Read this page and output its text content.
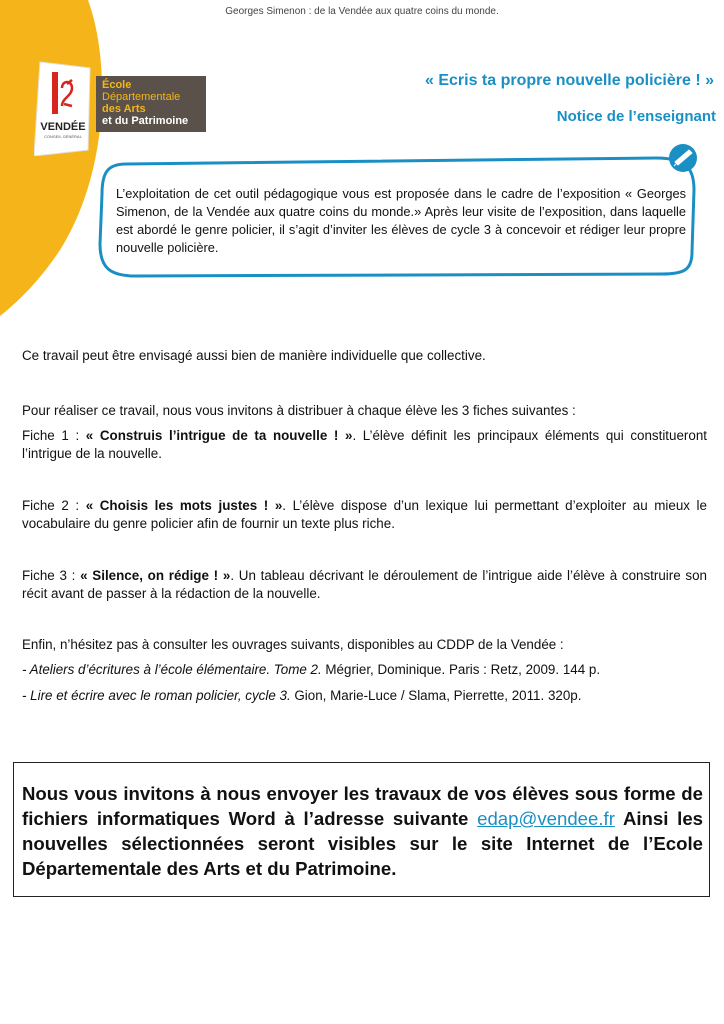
Georges Simenon : de la Vendée aux quatre coins du monde.
VENDÉE
CONSEIL GÉNÉRAL
École
Départementale
des Arts
et du Patrimoine
« Ecris ta propre nouvelle policière ! »
Notice de l’enseignant

L’exploitation de cet outil pédagogique vous est proposée dans le cadre de l’exposition « Georges Simenon, de la Vendée aux quatre coins du monde.» Après leur visite de l’exposition, dans laquelle est abordé le genre policier, il s’agit d’inviter les élèves de cycle 3 à concevoir et rédiger leur propre nouvelle policière.

Ce travail peut être envisagé aussi bien de manière individuelle que collective.

Pour réaliser ce travail, nous vous invitons à distribuer à chaque élève les 3 fiches suivantes :

Fiche 1 : « Construis l’intrigue de ta nouvelle ! ». L’élève définit les principaux éléments qui constitueront l’intrigue de la nouvelle.

Fiche 2 : « Choisis les mots justes ! ». L’élève dispose d’un lexique lui permettant d’exploiter au mieux le vocabulaire du genre policier afin de fournir un texte plus riche.

Fiche 3 : « Silence, on rédige ! ». Un tableau décrivant le déroulement de l’intrigue aide l’élève à construire son récit avant de passer à la rédaction de la nouvelle.

Enfin, n’hésitez pas à consulter les ouvrages suivants, disponibles au CDDP de la Vendée :

- Ateliers d’écritures à l’école élémentaire. Tome 2. Mégrier, Dominique. Paris : Retz, 2009. 144 p.

- Lire et écrire avec le roman policier, cycle 3. Gion, Marie-Luce / Slama, Pierrette, 2011. 320p.

Nous vous invitons à nous envoyer les travaux de vos élèves sous forme de fichiers informatiques Word à l’adresse suivante edap@vendee.fr Ainsi les nouvelles sélectionnées seront visibles sur le site Internet de l’Ecole Départementale des Arts et du Patrimoine.
